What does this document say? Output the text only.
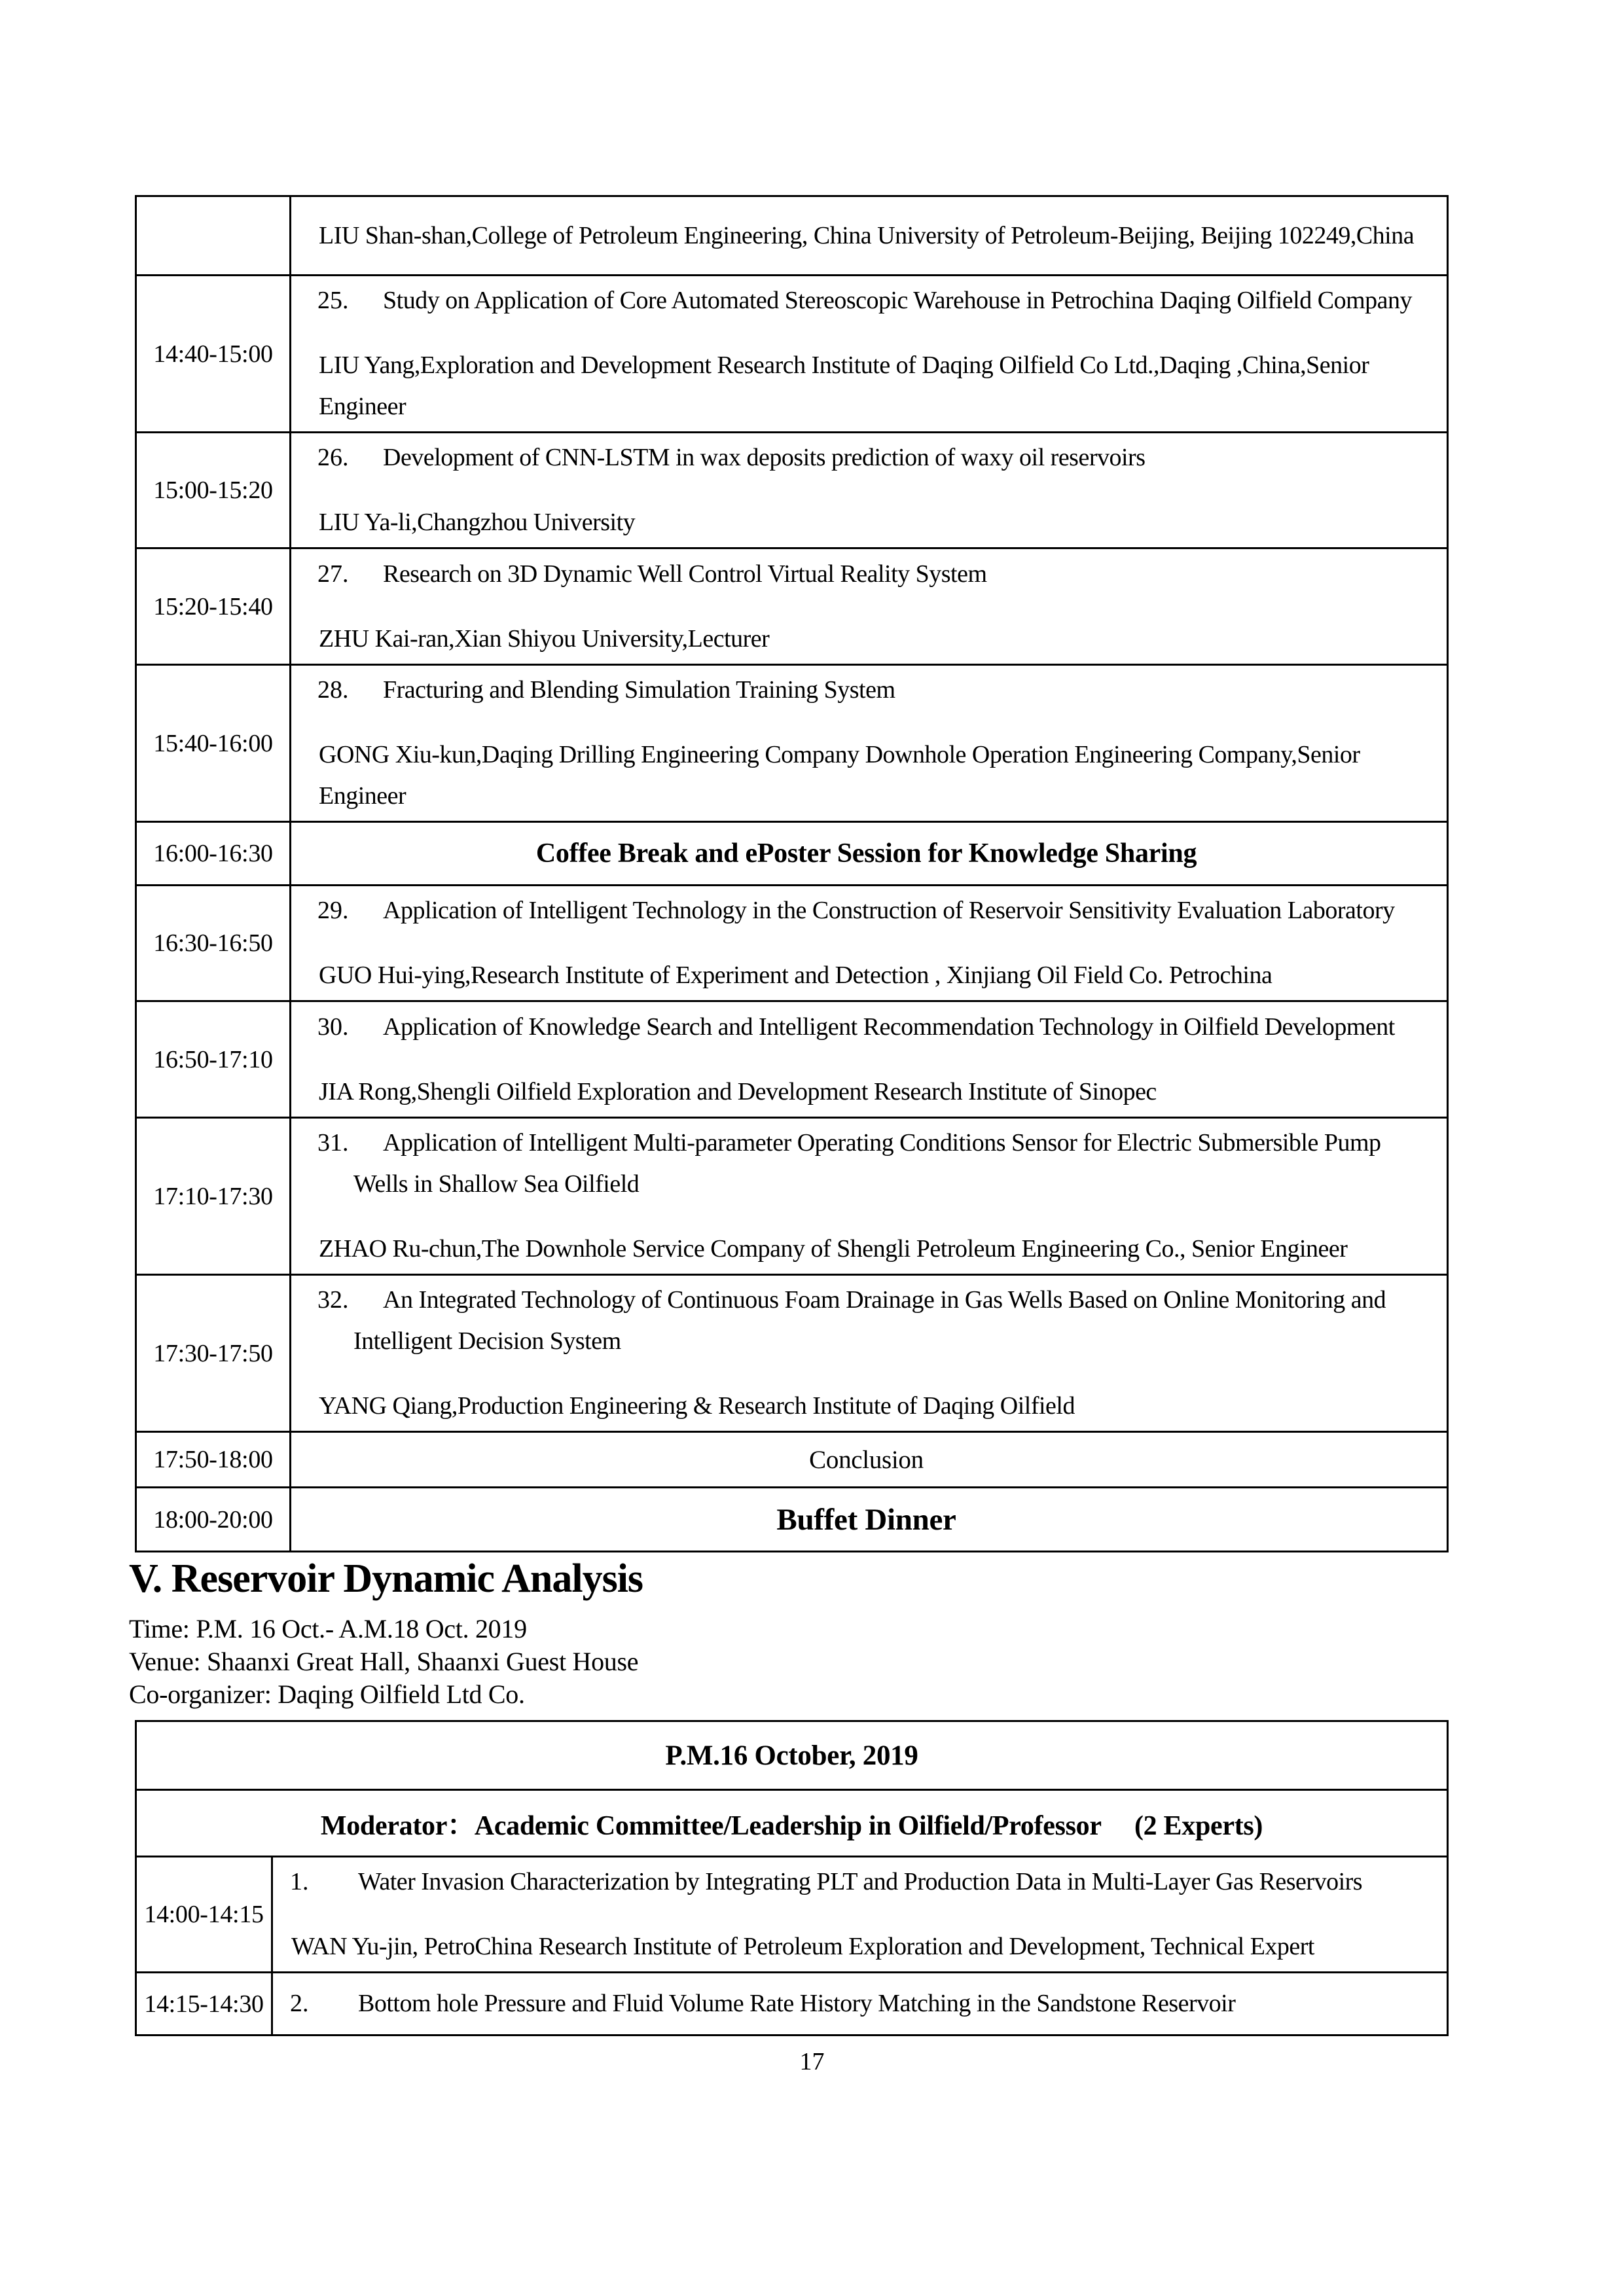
	LIU Shan-shan,College of Petroleum Engineering, China University of Petroleum-Beijing, Beijing 102249,China

14:40-15:00	25. Study on Application of Core Automated Stereoscopic Warehouse in Petrochina Daqing Oilfield Company
LIU Yang,Exploration and Development Research Institute of Daqing Oilfield Co Ltd.,Daqing ,China,Senior
Engineer

15:00-15:20	26. Development of CNN-LSTM in wax deposits prediction of waxy oil reservoirs
LIU Ya-li,Changzhou University

15:20-15:40	27. Research on 3D Dynamic Well Control Virtual Reality System
ZHU Kai-ran,Xian Shiyou University,Lecturer

15:40-16:00	28. Fracturing and Blending Simulation Training System
GONG Xiu-kun,Daqing Drilling Engineering Company Downhole Operation Engineering Company,Senior
Engineer

16:00-16:30	Coffee Break and ePoster Session for Knowledge Sharing

16:30-16:50	29. Application of Intelligent Technology in the Construction of Reservoir Sensitivity Evaluation Laboratory
GUO Hui-ying,Research Institute of Experiment and Detection , Xinjiang Oil Field Co. Petrochina

16:50-17:10	30. Application of Knowledge Search and Intelligent Recommendation Technology in Oilfield Development
JIA Rong,Shengli Oilfield Exploration and Development Research Institute of Sinopec

17:10-17:30	31. Application of Intelligent Multi-parameter Operating Conditions Sensor for Electric Submersible Pump
Wells in Shallow Sea Oilfield
ZHAO Ru-chun,The Downhole Service Company of Shengli Petroleum Engineering Co., Senior Engineer

17:30-17:50	32. An Integrated Technology of Continuous Foam Drainage in Gas Wells Based on Online Monitoring and
Intelligent Decision System
YANG Qiang,Production Engineering & Research Institute of Daqing Oilfield

17:50-18:00	Conclusion

18:00-20:00	Buffet Dinner
V. Reservoir Dynamic Analysis
Time: P.M. 16 Oct.- A.M.18 Oct. 2019
Venue: Shaanxi Great Hall, Shaanxi Guest House
Co-organizer: Daqing Oilfield Ltd Co.
P.M.16 October, 2019	
Moderator：Academic Committee/Leadership in Oilfield/Professor     (2 Experts)	
14:00-14:15	1. Water Invasion Characterization by Integrating PLT and Production Data in Multi-Layer Gas Reservoirs
WAN Yu-jin, PetroChina Research Institute of Petroleum Exploration and Development, Technical Expert

14:15-14:30	2. Bottom hole Pressure and Fluid Volume Rate History Matching in the Sandstone Reservoir
17
